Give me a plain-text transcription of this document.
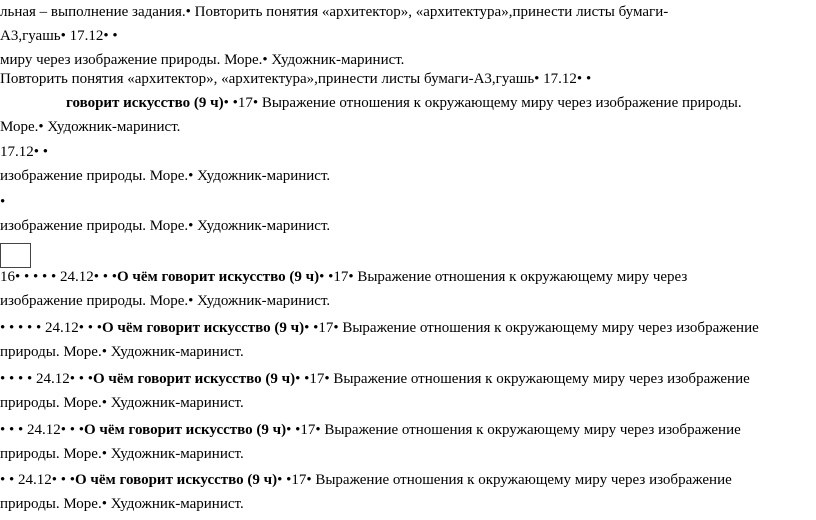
льная – выполнение задания.• Повторить понятия «архитектор», «архитектура»,принести листы бумаги-
А3,гуашь• 17.12• •
миру через изображение природы. Море.• Художник-маринист.
Повторить понятия «архитектор», «архитектура»,принести листы бумаги-А3,гуашь• 17.12• •
говорит искусство (9 ч)• •17• Выражение отношения к окружающему миру через изображение природы.
Море.• Художник-маринист.
17.12• •
изображение природы. Море.• Художник-маринист.
•
изображение природы. Море.• Художник-маринист.
16• • • • • 24.12• • •О чём говорит искусство (9 ч)• •17• Выражение отношения к окружающему миру через
изображение природы. Море.• Художник-маринист.
• • • • • 24.12• • •О чём говорит искусство (9 ч)• •17• Выражение отношения к окружающему миру через изображение
природы. Море.• Художник-маринист.
• • • • 24.12• • •О чём говорит искусство (9 ч)• •17• Выражение отношения к окружающему миру через изображение
природы. Море.• Художник-маринист.
• • • 24.12• • •О чём говорит искусство (9 ч)• •17• Выражение отношения к окружающему миру через изображение
природы. Море.• Художник-маринист.
• • 24.12• • •О чём говорит искусство (9 ч)• •17• Выражение отношения к окружающему миру через изображение
природы. Море.• Художник-маринист.
